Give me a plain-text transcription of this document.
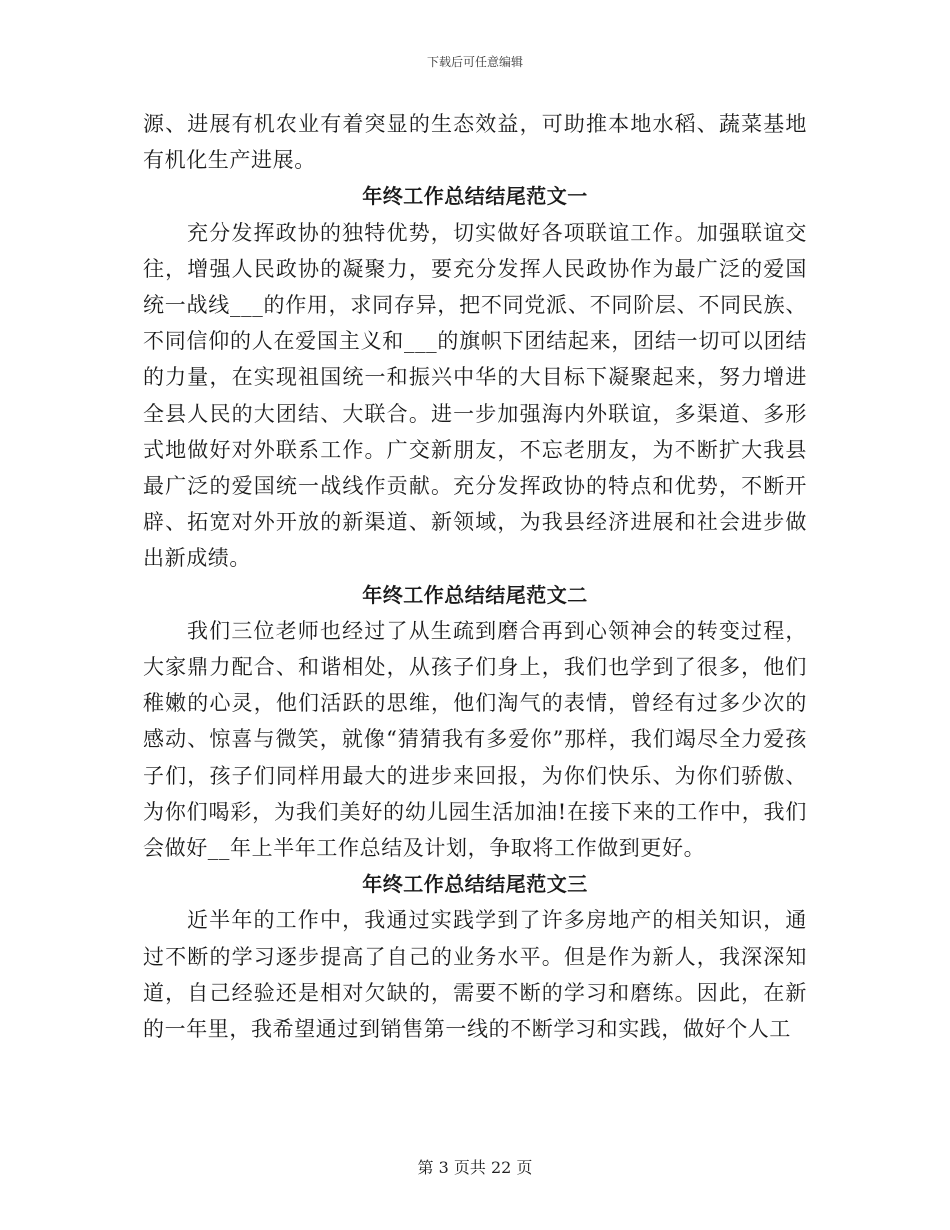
下载后可任意编辑

源、进展有机农业有着突显的生态效益，可助推本地水稻、蔬菜基地有机化生产进展。

年终工作总结结尾范文一

充分发挥政协的独特优势，切实做好各项联谊工作。加强联谊交往，增强人民政协的凝聚力，要充分发挥人民政协作为最广泛的爱国统一战线___的作用，求同存异，把不同党派、不同阶层、不同民族、不同信仰的人在爱国主义和___的旗帜下团结起来，团结一切可以团结的力量，在实现祖国统一和振兴中华的大目标下凝聚起来，努力增进全县人民的大团结、大联合。进一步加强海内外联谊，多渠道、多形式地做好对外联系工作。广交新朋友，不忘老朋友，为不断扩大我县最广泛的爱国统一战线作贡献。充分发挥政协的特点和优势，不断开辟、拓宽对外开放的新渠道、新领域，为我县经济进展和社会进步做出新成绩。

年终工作总结结尾范文二

我们三位老师也经过了从生疏到磨合再到心领神会的转变过程，大家鼎力配合、和谐相处，从孩子们身上，我们也学到了很多，他们稚嫩的心灵，他们活跃的思维，他们淘气的表情，曾经有过多少次的感动、惊喜与微笑，就像“猜猜我有多爱你”那样，我们竭尽全力爱孩子们，孩子们同样用最大的进步来回报，为你们快乐、为你们骄傲、为你们喝彩，为我们美好的幼儿园生活加油!在接下来的工作中，我们会做好__年上半年工作总结及计划，争取将工作做到更好。

年终工作总结结尾范文三

近半年的工作中，我通过实践学到了许多房地产的相关知识，通过不断的学习逐步提高了自己的业务水平。但是作为新人，我深深知道，自己经验还是相对欠缺的，需要不断的学习和磨练。因此，在新的一年里，我希望通过到销售第一线的不断学习和实践，做好个人工

第 3 页共 22 页
